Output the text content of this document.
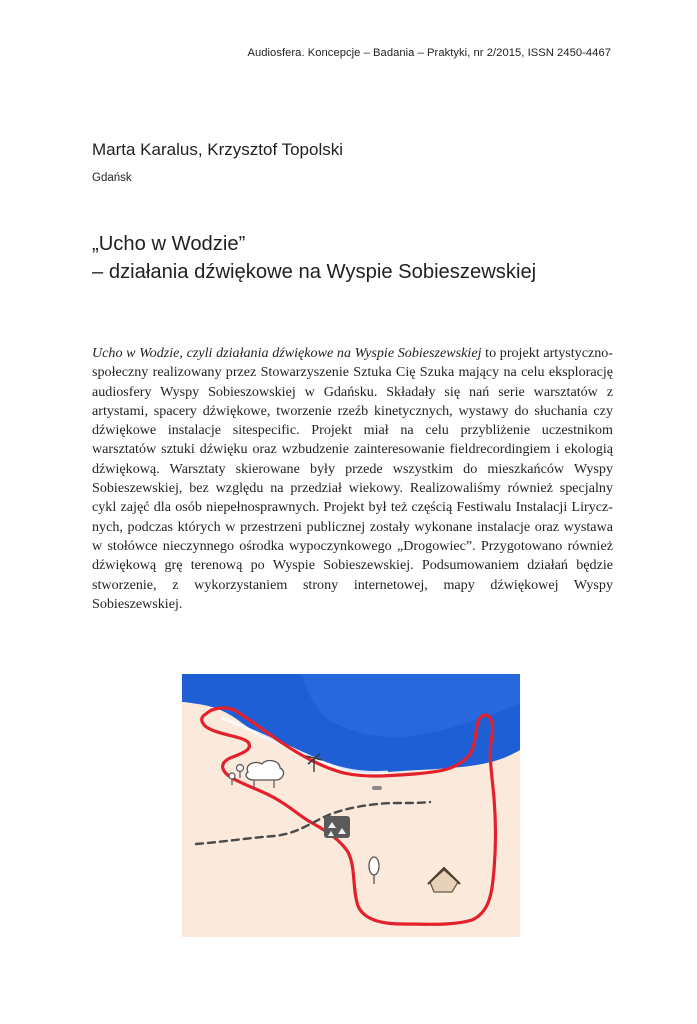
Audiosfera. Koncepcje – Badania – Praktyki, nr 2/2015, ISSN 2450-4467
Marta Karalus, Krzysztof Topolski
Gdańsk
„Ucho w Wodzie”
– działania dźwiękowe na Wyspie Sobieszewskiej

Ucho w Wodzie, czyli działania dźwiękowe na Wyspie Sobieszewskiej to projekt artystyczno-społeczny realizowany przez Stowarzyszenie Sztuka Cię Szuka mający na celu eksplorację audiosfery Wyspy Sobieszowskiej w Gdańsku. Składały się nań serie warsztatów z artystami, spacery dźwiękowe, tworzenie rzeźb kinetycznych, wystawy do słuchania czy dźwiękowe instalacje sitespecific. Projekt miał na celu przybliżenie uczestnikom warsztatów sztuki dźwięku oraz wzbudzenie zainteresowanie fieldrecordingiem i ekologią dźwiękową. Warsztaty skierowane były przede wszystkim do mieszkańców Wyspy Sobieszewskiej, bez względu na przedział wiekowy. Realizowaliśmy również specjalny cykl zajęć dla osób niepełnosprawnych. Projekt był też częścią Festiwalu Instalacji Lirycznych, podczas których w przestrzeni publicznej zostały wykonane instalacje oraz wystawa w stołówce nieczynnego ośrodka wypoczynkowego „Drogowiec”. Przygotowano również dźwiękową grę terenową po Wyspie Sobieszewskiej. Podsumowaniem działań będzie stworzenie, z wykorzystaniem strony internetowej, mapy dźwiękowej Wyspy Sobieszewskiej.
